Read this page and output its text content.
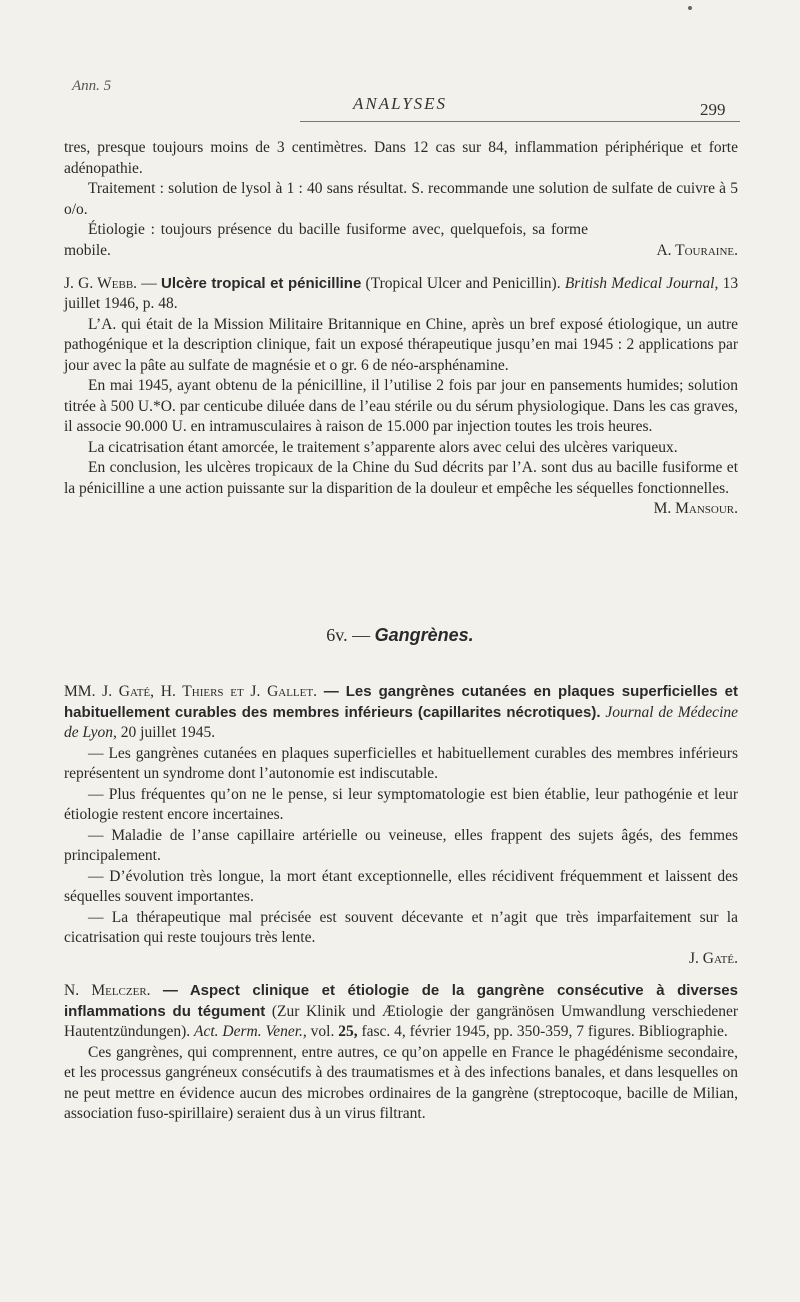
Ann. 5
ANALYSES	299

tres, presque toujours moins de 3 centimètres. Dans 12 cas sur 84, inflammation périphérique et forte adénopathie.

Traitement : solution de lysol à 1 : 40 sans résultat. S. recommande une solution de sulfate de cuivre à 5 o/o.

Étiologie : toujours présence du bacille fusiforme avec, quelquefois, sa forme mobile.	A. Touraine.

J. G. Webb. — Ulcère tropical et pénicilline (Tropical Ulcer and Penicillin). British Medical Journal, 13 juillet 1946, p. 48.

L’A. qui était de la Mission Militaire Britannique en Chine, après un bref exposé étiologique, un autre pathogénique et la description clinique, fait un exposé thérapeutique jusqu’en mai 1945 : 2 applications par jour avec la pâte au sulfate de magnésie et o gr. 6 de néo-arsphénamine.

En mai 1945, ayant obtenu de la pénicilline, il l’utilise 2 fois par jour en pansements humides; solution titrée à 500 U.*O. par centicube diluée dans de l’eau stérile ou du sérum physiologique. Dans les cas graves, il associe 90.000 U. en intramusculaires à raison de 15.000 par injection toutes les trois heures.

La cicatrisation étant amorcée, le traitement s’apparente alors avec celui des ulcères variqueux.

En conclusion, les ulcères tropicaux de la Chine du Sud décrits par l’A. sont dus au bacille fusiforme et la pénicilline a une action puissante sur la disparition de la douleur et empêche les séquelles fonctionnelles.

M. Mansour.

6v. — Gangrènes.

MM. J. Gaté, H. Thiers et J. Gallet. — Les gangrènes cutanées en plaques superficielles et habituellement curables des membres inférieurs (capillarites nécrotiques). Journal de Médecine de Lyon, 20 juillet 1945.

— Les gangrènes cutanées en plaques superficielles et habituellement curables des membres inférieurs représentent un syndrome dont l’autonomie est indiscutable.

— Plus fréquentes qu’on ne le pense, si leur symptomatologie est bien établie, leur pathogénie et leur étiologie restent encore incertaines.

— Maladie de l’anse capillaire artérielle ou veineuse, elles frappent des sujets âgés, des femmes principalement.

— D’évolution très longue, la mort étant exceptionnelle, elles récidivent fréquemment et laissent des séquelles souvent importantes.

— La thérapeutique mal précisée est souvent décevante et n’agit que très imparfaitement sur la cicatrisation qui reste toujours très lente.

J. Gaté.

N. Melczer. — Aspect clinique et étiologie de la gangrène consécutive à diverses inflammations du tégument (Zur Klinik und Ætiologie der gangränösen Umwandlung verschiedener Hautentzündungen). Act. Derm. Vener., vol. 25, fasc. 4, février 1945, pp. 350-359, 7 figures. Bibliographie.

Ces gangrènes, qui comprennent, entre autres, ce qu’on appelle en France le phagédénisme secondaire, et les processus gangréneux consécutifs à des traumatismes et à des infections banales, et dans lesquelles on ne peut mettre en évidence aucun des microbes ordinaires de la gangrène (streptocoque, bacille de Milian, association fuso-spirillaire) seraient dus à un virus filtrant.
